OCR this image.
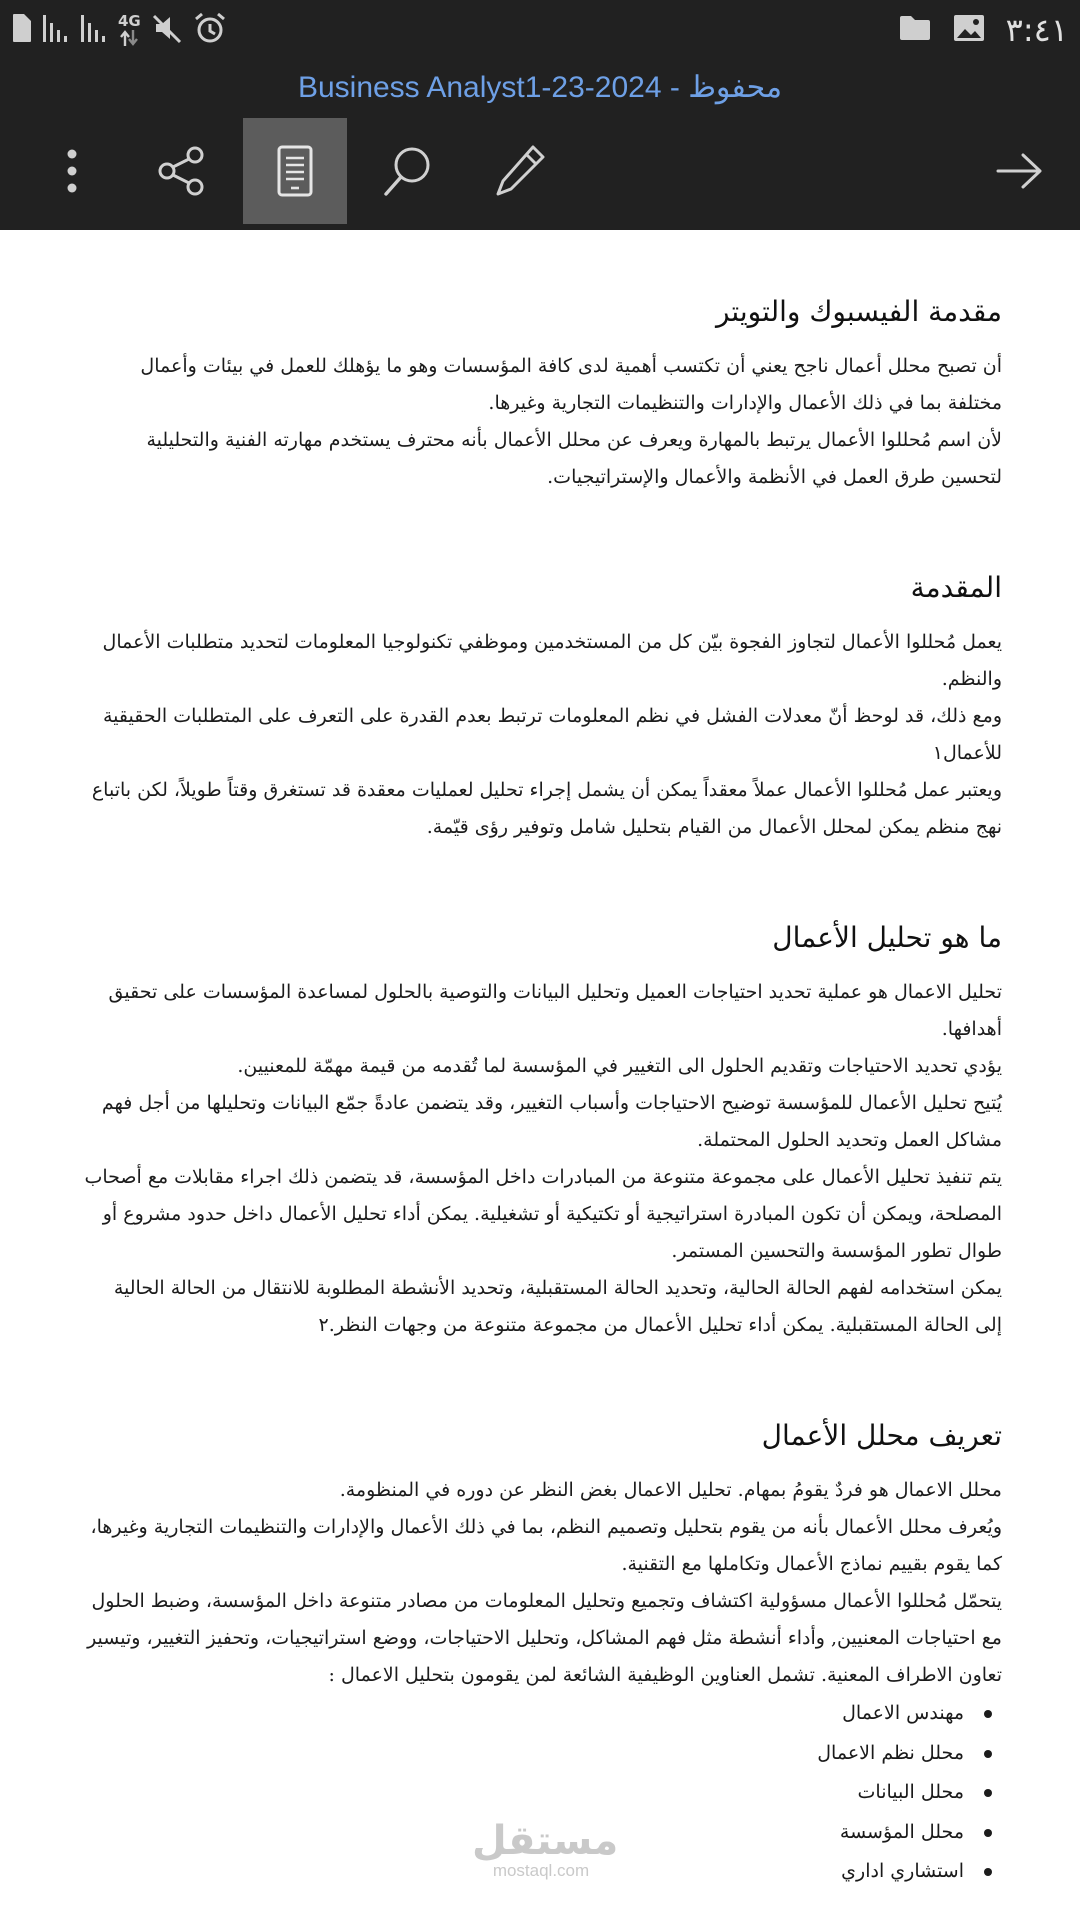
4G	٣:٤١
Business Analyst1-23-2024 - محفوظ
مقدمة الفيسبوك والتويتر

أن تصبح محلل أعمال ناجح يعني أن تكتسب أهمية لدى كافة المؤسسات وهو ما يؤهلك للعمل في بيئات وأعمال مختلفة بما في ذلك الأعمال والإدارات والتنظيمات التجارية وغيرها.

لأن اسم مُحللوا الأعمال يرتبط بالمهارة ويعرف عن محلل الأعمال بأنه محترف يستخدم مهارته الفنية والتحليلية لتحسين طرق العمل في الأنظمة والأعمال والإستراتيجيات.

المقدمة

يعمل مُحللوا الأعمال لتجاوز الفجوة بيّن كل من المستخدمين وموظفي تكنولوجيا المعلومات لتحديد متطلبات الأعمال والنظم.

ومع ذلك، قد لوحظ أنّ معدلات الفشل في نظم المعلومات ترتبط بعدم القدرة على التعرف على المتطلبات الحقيقية للأعمال١

ويعتبر عمل مُحللوا الأعمال عملاً معقداً يمكن أن يشمل إجراء تحليل لعمليات معقدة قد تستغرق وقتاً طويلاً، لكن باتباع نهج منظم يمكن لمحلل الأعمال من القيام بتحليل شامل وتوفير رؤى قيّمة.

ما هو تحليل الأعمال

تحليل الاعمال هو عملية تحديد احتياجات العميل وتحليل البيانات والتوصية بالحلول لمساعدة المؤسسات على تحقيق أهدافها.

يؤدي تحديد الاحتياجات وتقديم الحلول الى التغيير في المؤسسة لما تُقدمه من قيمة مهمّة للمعنيين.

يُتيح تحليل الأعمال للمؤسسة توضيح الاحتياجات وأسباب التغيير، وقد يتضمن عادةً جمّع البيانات وتحليلها من أجل فهم مشاكل العمل وتحديد الحلول المحتملة.

يتم تنفيذ تحليل الأعمال على مجموعة متنوعة من المبادرات داخل المؤسسة، قد يتضمن ذلك اجراء مقابلات مع أصحاب المصلحة، ويمكن أن تكون المبادرة استراتيجية أو تكتيكية أو تشغيلية. يمكن أداء تحليل الأعمال داخل حدود مشروع أو طوال تطور المؤسسة والتحسين المستمر.

يمكن استخدامه لفهم الحالة الحالية، وتحديد الحالة المستقبلية، وتحديد الأنشطة المطلوبة للانتقال من الحالة الحالية إلى الحالة المستقبلية. يمكن أداء تحليل الأعمال من مجموعة متنوعة من وجهات النظر.٢

تعريف محلل الأعمال

محلل الاعمال هو فردٌ يقومُ بمهام. تحليل الاعمال بغض النظر عن دوره في المنظومة.

ويُعرف محلل الأعمال بأنه من يقوم بتحليل وتصميم النظم، بما في ذلك الأعمال والإدارات والتنظيمات التجارية وغيرها، كما يقوم بقييم نماذج الأعمال وتكاملها مع التقنية.

يتحمّل مُحللوا الأعمال مسؤولية اكتشاف وتجميع وتحليل المعلومات من مصادر متنوعة داخل المؤسسة، وضبط الحلول مع احتياجات المعنيين, وأداء أنشطة مثل فهم المشاكل، وتحليل الاحتياجات، ووضع استراتيجيات، وتحفيز التغيير، وتيسير تعاون الاطراف المعنية. تشمل العناوين الوظيفية الشائعة لمن يقومون بتحليل الاعمال :

مهندس الاعمال
محلل نظم الاعمال
محلل البيانات
محلل المؤسسة
استشاري اداري
مستقل
mostaql.com
